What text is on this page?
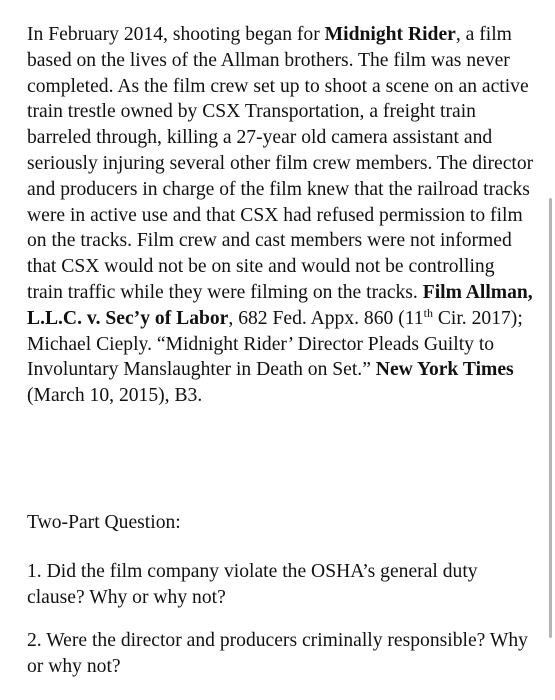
In February 2014, shooting began for Midnight Rider, a film based on the lives of the Allman brothers. The film was never completed. As the film crew set up to shoot a scene on an active train trestle owned by CSX Transportation, a freight train barreled through, killing a 27-year old camera assistant and seriously injuring several other film crew members. The director and producers in charge of the film knew that the railroad tracks were in active use and that CSX had refused permission to film on the tracks. Film crew and cast members were not informed that CSX would not be on site and would not be controlling train traffic while they were filming on the tracks. Film Allman, L.L.C. v. Sec’y of Labor, 682 Fed. Appx. 860 (11th Cir. 2017); Michael Cieply. “Midnight Rider’ Director Pleads Guilty to Involuntary Manslaughter in Death on Set.” New York Times (March 10, 2015), B3.

Two-Part Question:

1. Did the film company violate the OSHA’s general duty clause? Why or why not?

2. Were the director and producers criminally responsible? Why or why not?
